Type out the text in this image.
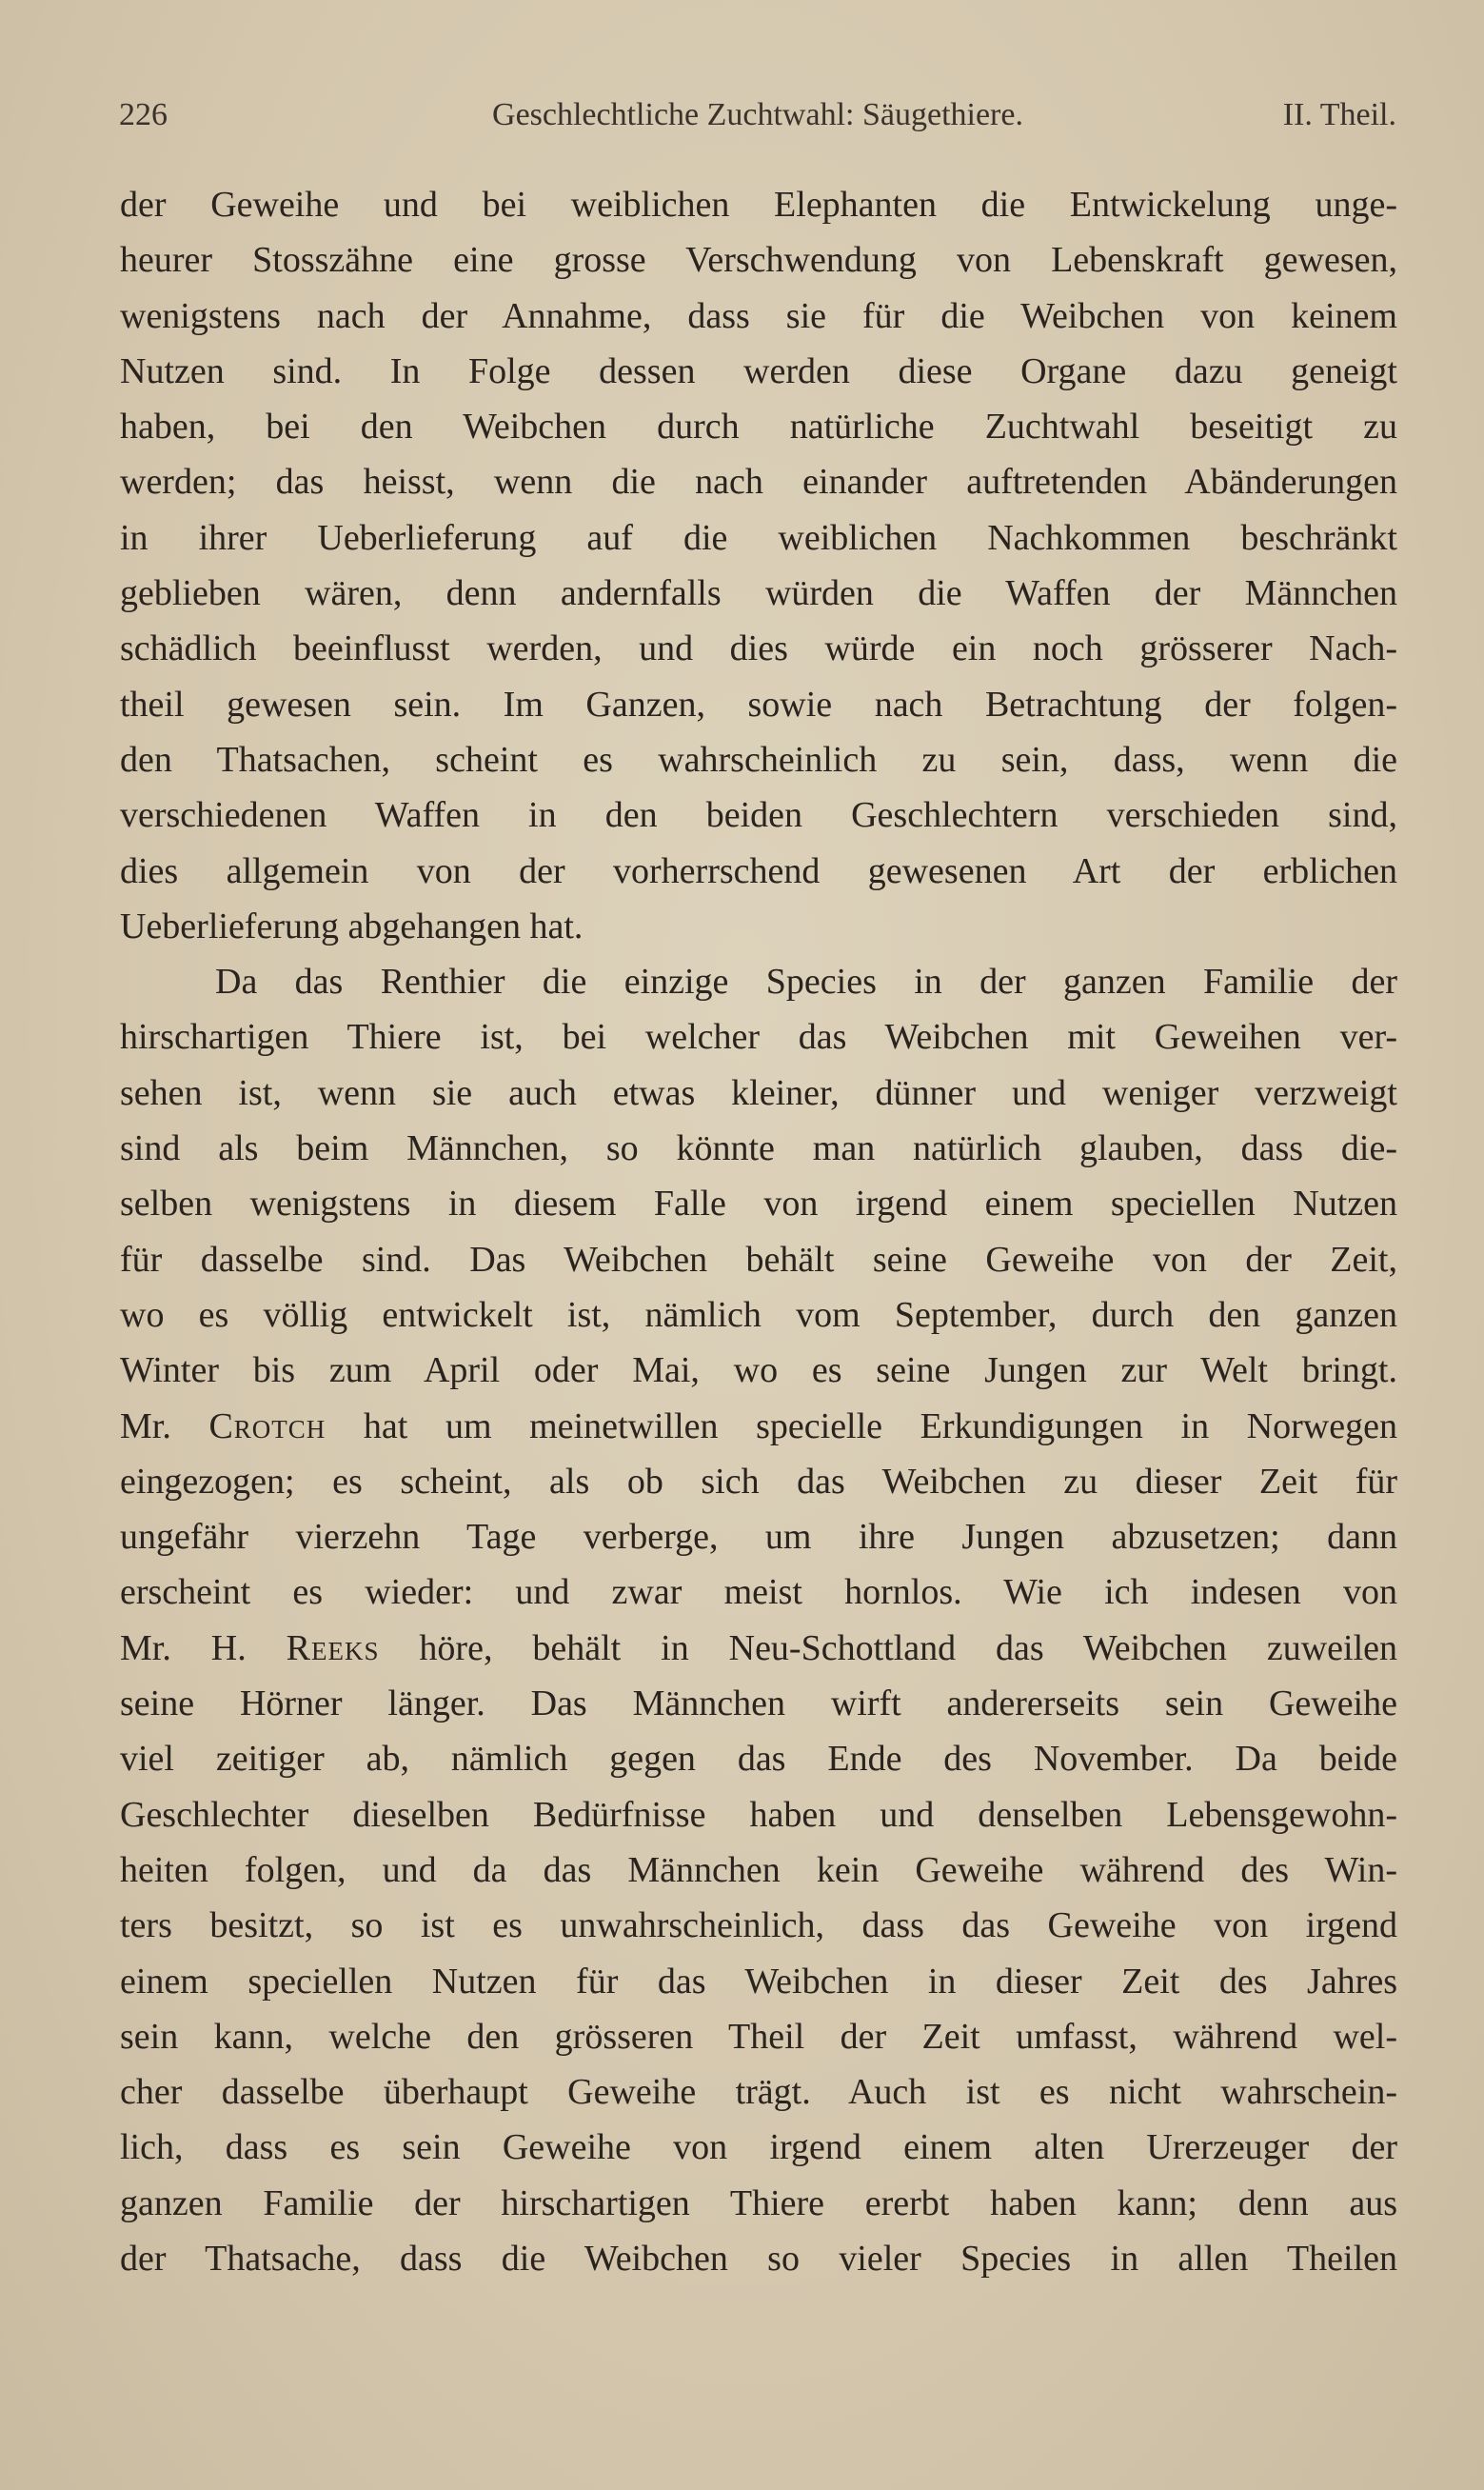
226	Geschlechtliche Zuchtwahl: Säugethiere.	II. Theil.
der Geweihe und bei weiblichen Elephanten die Entwickelung unge-
heurer Stosszähne eine grosse Verschwendung von Lebenskraft gewesen,
wenigstens nach der Annahme, dass sie für die Weibchen von keinem
Nutzen sind. In Folge dessen werden diese Organe dazu geneigt
haben, bei den Weibchen durch natürliche Zuchtwahl beseitigt zu
werden; das heisst, wenn die nach einander auftretenden Abänderungen
in ihrer Ueberlieferung auf die weiblichen Nachkommen beschränkt
geblieben wären, denn andernfalls würden die Waffen der Männchen
schädlich beeinflusst werden, und dies würde ein noch grösserer Nach-
theil gewesen sein. Im Ganzen, sowie nach Betrachtung der folgen-
den Thatsachen, scheint es wahrscheinlich zu sein, dass, wenn die
verschiedenen Waffen in den beiden Geschlechtern verschieden sind,
dies allgemein von der vorherrschend gewesenen Art der erblichen
Ueberlieferung abgehangen hat.
Da das Renthier die einzige Species in der ganzen Familie der
hirschartigen Thiere ist, bei welcher das Weibchen mit Geweihen ver-
sehen ist, wenn sie auch etwas kleiner, dünner und weniger verzweigt
sind als beim Männchen, so könnte man natürlich glauben, dass die-
selben wenigstens in diesem Falle von irgend einem speciellen Nutzen
für dasselbe sind. Das Weibchen behält seine Geweihe von der Zeit,
wo es völlig entwickelt ist, nämlich vom September, durch den ganzen
Winter bis zum April oder Mai, wo es seine Jungen zur Welt bringt.
Mr. Crotch hat um meinetwillen specielle Erkundigungen in Norwegen
eingezogen; es scheint, als ob sich das Weibchen zu dieser Zeit für
ungefähr vierzehn Tage verberge, um ihre Jungen abzusetzen; dann
erscheint es wieder: und zwar meist hornlos. Wie ich indesen von
Mr. H. Reeks höre, behält in Neu-Schottland das Weibchen zuweilen
seine Hörner länger. Das Männchen wirft andererseits sein Geweihe
viel zeitiger ab, nämlich gegen das Ende des November. Da beide
Geschlechter dieselben Bedürfnisse haben und denselben Lebensgewohn-
heiten folgen, und da das Männchen kein Geweihe während des Win-
ters besitzt, so ist es unwahrscheinlich, dass das Geweihe von irgend
einem speciellen Nutzen für das Weibchen in dieser Zeit des Jahres
sein kann, welche den grösseren Theil der Zeit umfasst, während wel-
cher dasselbe überhaupt Geweihe trägt. Auch ist es nicht wahrschein-
lich, dass es sein Geweihe von irgend einem alten Urerzeuger der
ganzen Familie der hirschartigen Thiere ererbt haben kann; denn aus
der Thatsache, dass die Weibchen so vieler Species in allen Theilen
